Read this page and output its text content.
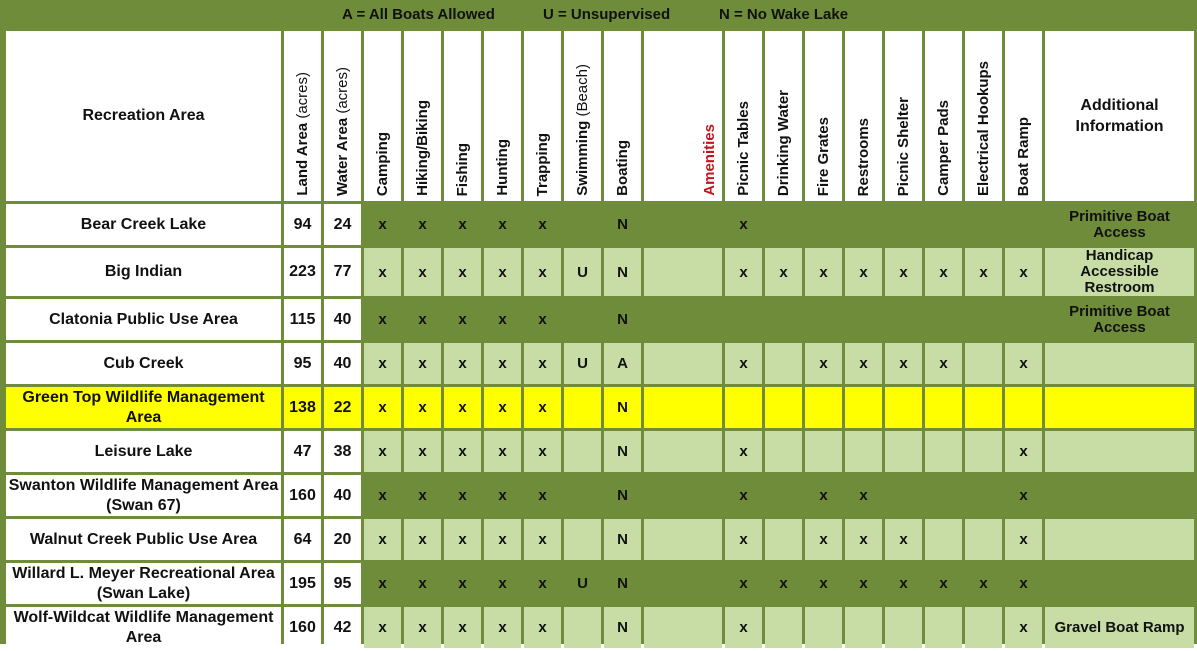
A = All Boats Allowed	U = Unsupervised	N = No Wake Lake
Recreation Area	Land Area (acres)	Water Area (acres)	Camping	Hiking/Biking	Fishing	Hunting	Trapping	Swimming (Beach)	Boating	Amenities	Picnic Tables	Drinking Water	Fire Grates	Restrooms	Picnic Shelter	Camper Pads	Electrical Hookups	Boat Ramp	Additional Information
Bear Creek Lake	94	24	x	x	x	x	x		N		x								Primitive Boat Access
Big Indian	223	77	x	x	x	x	x	U	N		x	x	x	x	x	x	x	x	Handicap Accessible Restroom
Clatonia Public Use Area	115	40	x	x	x	x	x		N										Primitive Boat Access
Cub Creek	95	40	x	x	x	x	x	U	A		x		x	x	x	x		x	
Green Top Wildlife Management Area	138	22	x	x	x	x	x		N										
Leisure Lake	47	38	x	x	x	x	x		N		x							x	
Swanton Wildlife Management Area (Swan 67)	160	40	x	x	x	x	x		N		x		x	x				x	
Walnut Creek Public Use Area	64	20	x	x	x	x	x		N		x		x	x	x			x	
Willard L. Meyer Recreational Area (Swan Lake)	195	95	x	x	x	x	x	U	N		x	x	x	x	x	x	x	x	
Wolf-Wildcat Wildlife Management Area	160	42	x	x	x	x	x		N		x							x	Gravel Boat Ramp
